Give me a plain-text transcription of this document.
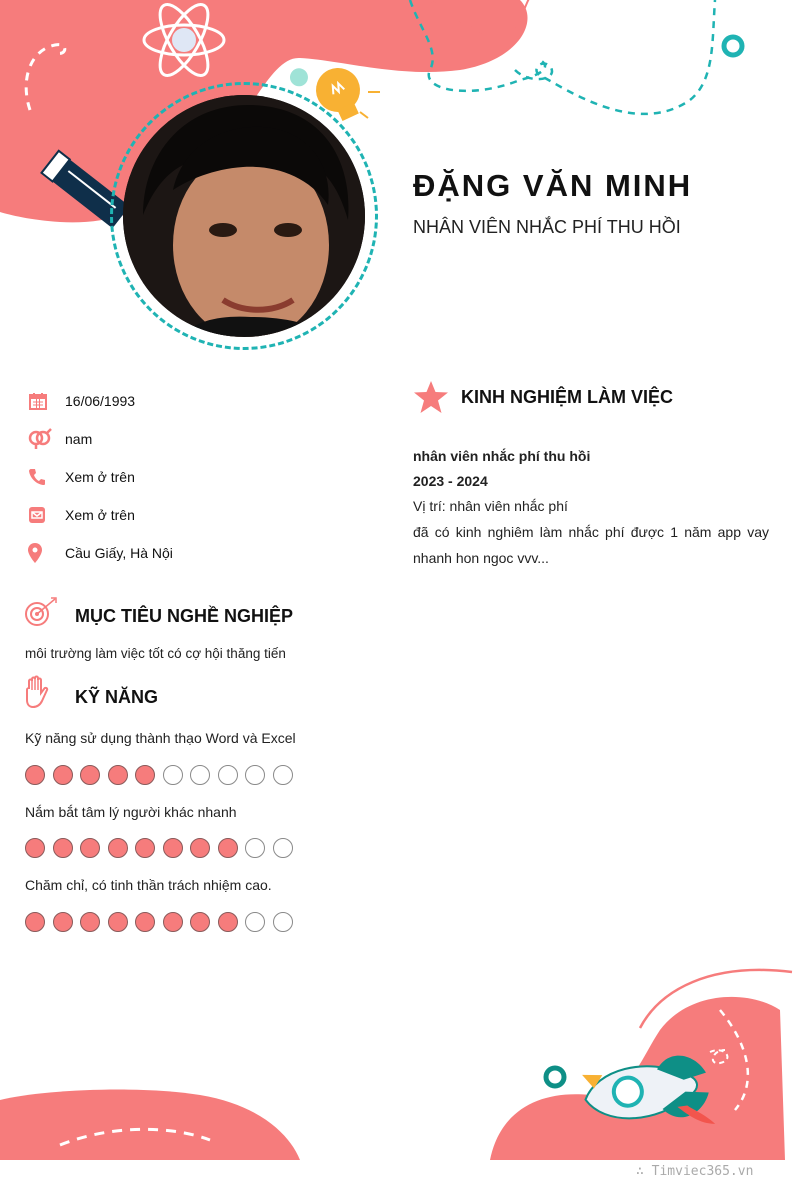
ĐẶNG VĂN MINH
NHÂN VIÊN NHẮC PHÍ THU HỒI
16/06/1993
nam
Xem ở trên
Xem ở trên
Cầu Giấy, Hà Nội
MỤC TIÊU NGHỀ NGHIỆP
môi trường làm việc tốt có cợ hội thăng tiến
KỸ NĂNG
Kỹ năng sử dụng thành thạo Word và Excel
Nắm bắt tâm lý người khác nhanh
Chăm chỉ, có tinh thần trách nhiệm cao.
KINH NGHIỆM LÀM VIỆC
nhân viên nhắc phí thu hồi
2023 - 2024
Vị trí: nhân viên nhắc phí
đã có kinh nghiêm làm nhắc phí được 1 năm app vay nhanh hon ngoc vvv...
∴ Timviec365.vn
